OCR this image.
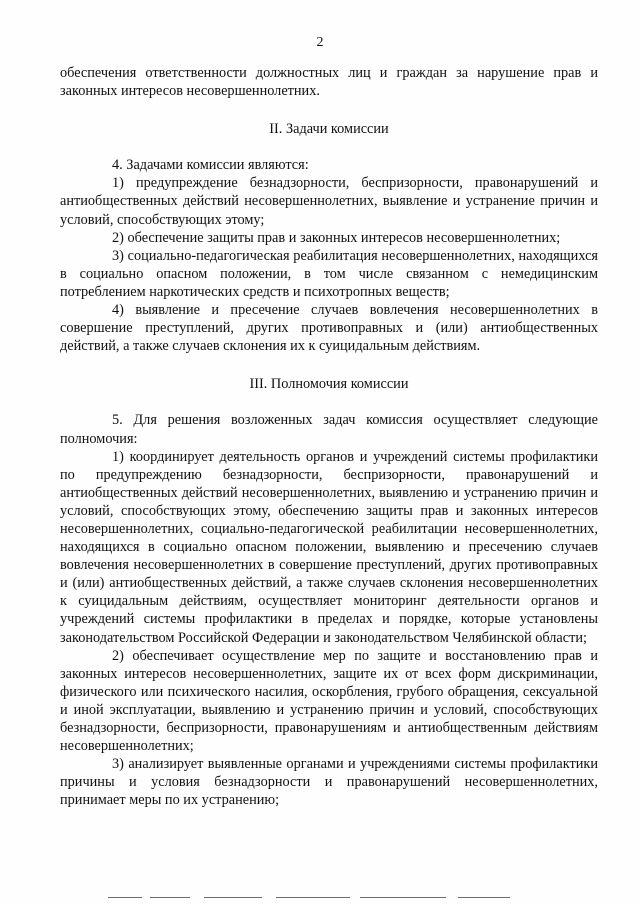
2

обеспечения ответственности должностных лиц и граждан за нарушение прав и законных интересов несовершеннолетних.

II. Задачи комиссии

4. Задачами комиссии являются:

1) предупреждение безнадзорности, беспризорности, правонарушений и антиобщественных действий несовершеннолетних, выявление и устранение причин и условий, способствующих этому;

2) обеспечение защиты прав и законных интересов несовершеннолетних;

3) социально-педагогическая реабилитация несовершеннолетних, находящихся в социально опасном положении, в том числе связанном с немедицинским потреблением наркотических средств и психотропных веществ;

4) выявление и пресечение случаев вовлечения несовершеннолетних в совершение преступлений, других противоправных и (или) антиобщественных действий, а также случаев склонения их к суицидальным действиям.

III. Полномочия комиссии

5. Для решения возложенных задач комиссия осуществляет следующие полномочия:

1) координирует деятельность органов и учреждений системы профилактики по предупреждению безнадзорности, беспризорности, правонарушений и антиобщественных действий несовершеннолетних, выявлению и устранению причин и условий, способствующих этому, обеспечению защиты прав и законных интересов несовершеннолетних, социально-педагогической реабилитации несовершеннолетних, находящихся в социально опасном положении, выявлению и пресечению случаев вовлечения несовершеннолетних в совершение преступлений, других противоправных и (или) антиобщественных действий, а также случаев склонения несовершеннолетних к суицидальным действиям, осуществляет мониторинг деятельности органов и учреждений системы профилактики в пределах и порядке, которые установлены законодательством Российской Федерации и законодательством Челябинской области;

2) обеспечивает осуществление мер по защите и восстановлению прав и законных интересов несовершеннолетних, защите их от всех форм дискриминации, физического или психического насилия, оскорбления, грубого обращения, сексуальной и иной эксплуатации, выявлению и устранению причин и условий, способствующих безнадзорности, беспризорности, правонарушениям и антиобщественным действиям несовершеннолетних;

3) анализирует выявленные органами и учреждениями системы профилактики причины и условия безнадзорности и правонарушений несовершеннолетних, принимает меры по их устранению;
